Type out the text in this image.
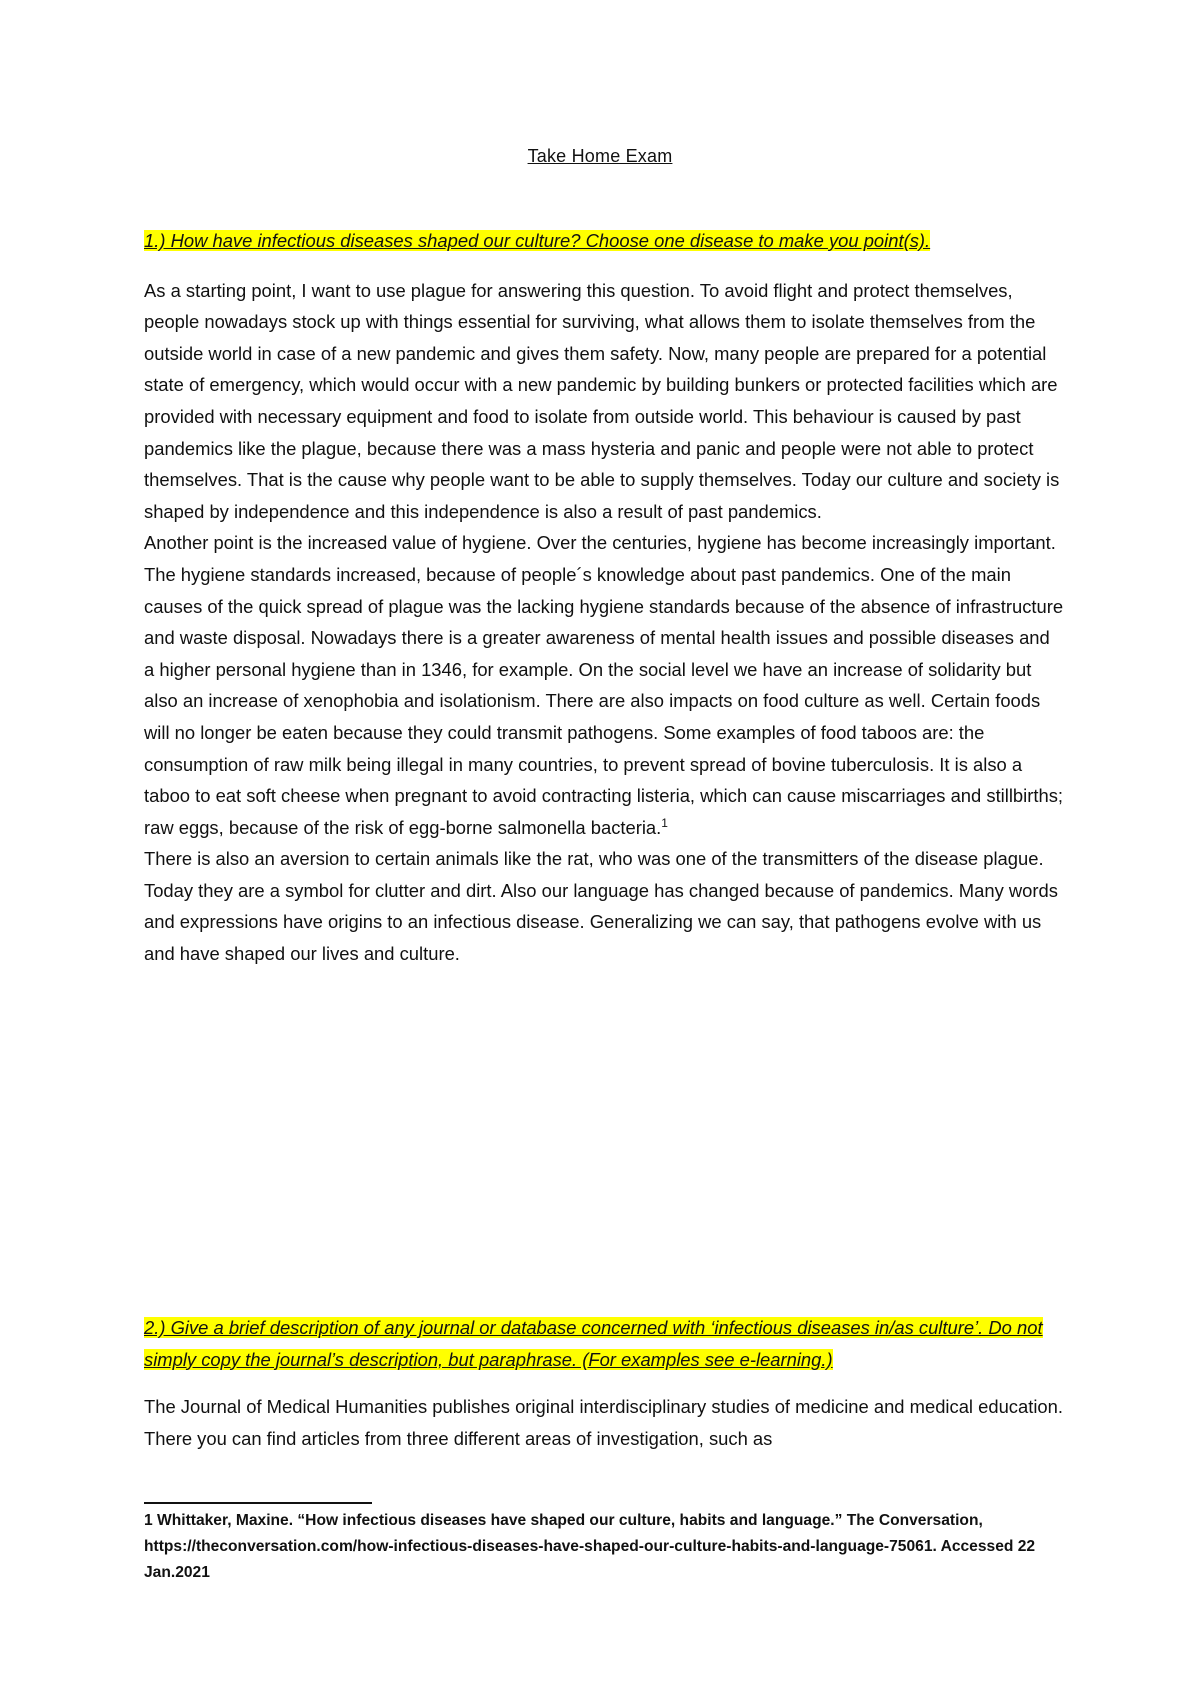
Take Home Exam

1.) How have infectious diseases shaped our culture? Choose one disease to make you point(s).

As a starting point, I want to use plague for answering this question. To avoid flight and protect themselves, people nowadays stock up with things essential for surviving, what allows them to isolate themselves from the outside world in case of a new pandemic and gives them safety. Now, many people are prepared for a potential state of emergency, which would occur with a new pandemic by building bunkers or protected facilities which are provided with necessary equipment and food to isolate from outside world. This behaviour is caused by past pandemics like the plague, because there was a mass hysteria and panic and people were not able to protect themselves. That is the cause why people want to be able to supply themselves. Today our culture and society is shaped by independence and this independence is also a result of past pandemics.

Another point is the increased value of hygiene. Over the centuries, hygiene has become increasingly important. The hygiene standards increased, because of people´s knowledge about past pandemics. One of the main causes of the quick spread of plague was the lacking hygiene standards because of the absence of infrastructure and waste disposal. Nowadays there is a greater awareness of mental health issues and possible diseases and a higher personal hygiene than in 1346, for example. On the social level we have an increase of solidarity but also an increase of xenophobia and isolationism. There are also impacts on food culture as well. Certain foods will no longer be eaten because they could transmit pathogens. Some examples of food taboos are: the consumption of raw milk being illegal in many countries, to prevent spread of bovine tuberculosis. It is also a taboo to eat soft cheese when pregnant to avoid contracting listeria, which can cause miscarriages and stillbirths; raw eggs, because of the risk of egg-borne salmonella bacteria.$^1$

There is also an aversion to certain animals like the rat, who was one of the transmitters of the disease plague. Today they are a symbol for clutter and dirt. Also our language has changed because of pandemics. Many words and expressions have origins to an infectious disease. Generalizing we can say, that pathogens evolve with us and have shaped our lives and culture.

2.) Give a brief description of any journal or database concerned with ‘infectious diseases in/as culture’. Do not simply copy the journal’s description, but paraphrase. (For examples see e-learning.)

The Journal of Medical Humanities publishes original interdisciplinary studies of medicine and medical education. There you can find articles from three different areas of investigation, such as

1 Whittaker, Maxine. “How infectious diseases have shaped our culture, habits and language.” The Conversation, https://theconversation.com/how-infectious-diseases-have-shaped-our-culture-habits-and-language-75061. Accessed 22 Jan.2021
